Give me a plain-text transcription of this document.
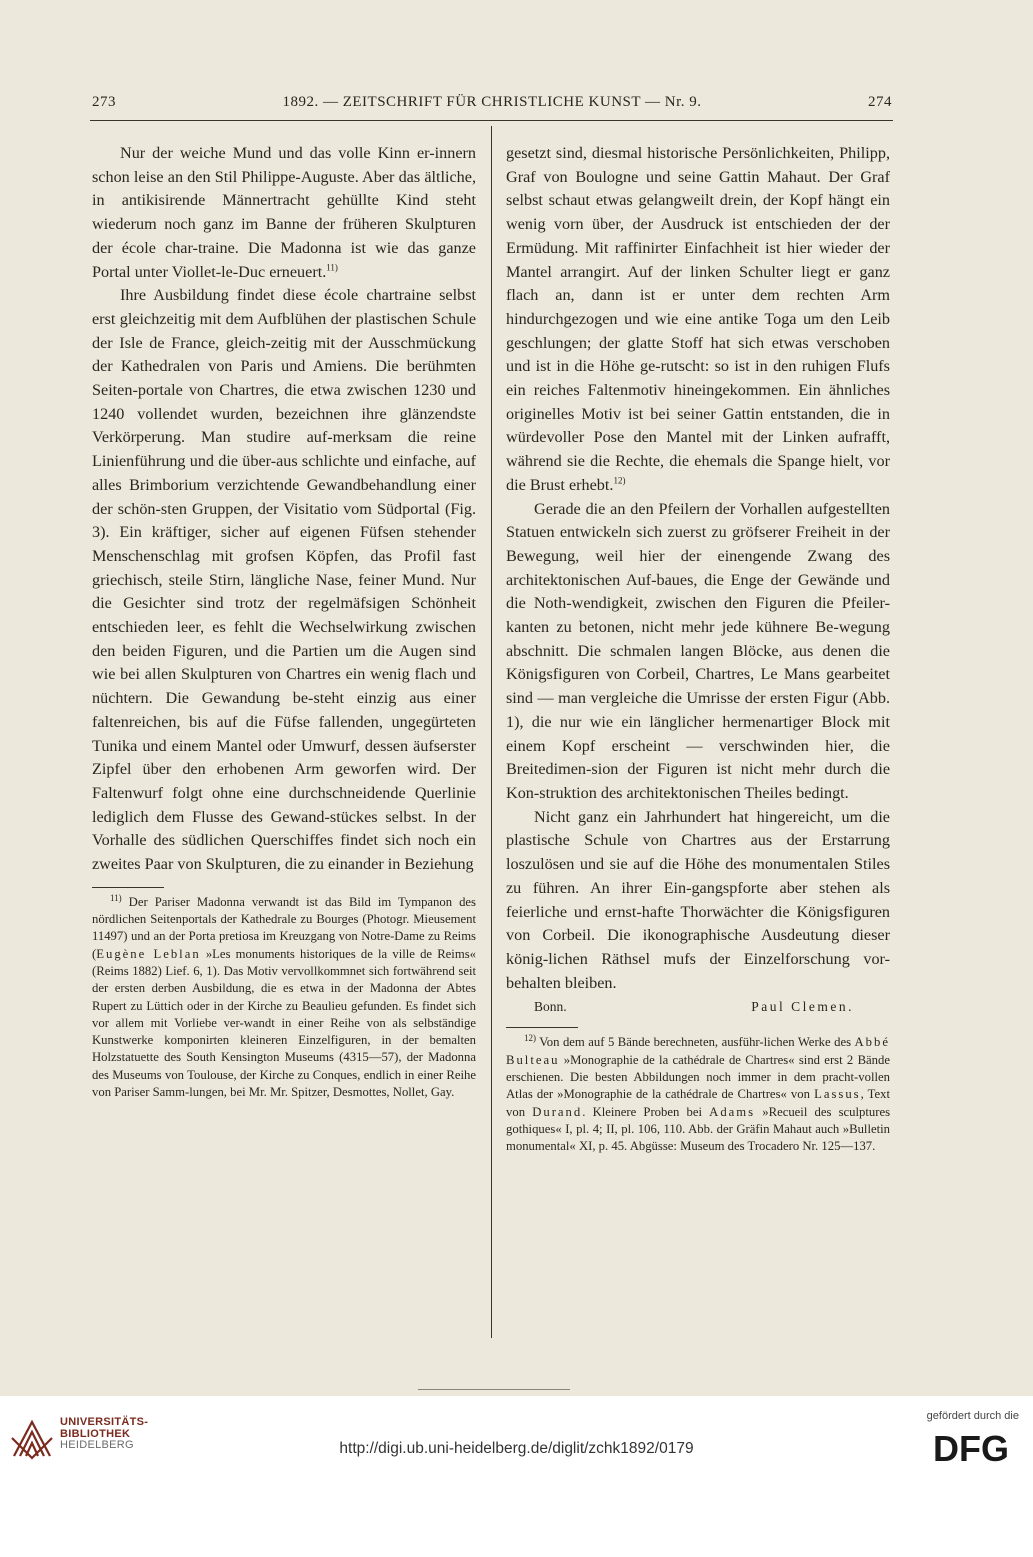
273	1892. — ZEITSCHRIFT FÜR CHRISTLICHE KUNST — Nr. 9.	274

Nur der weiche Mund und das volle Kinn er-innern schon leise an den Stil Philippe-Auguste. Aber das ältliche, in antikisirende Männertracht gehüllte Kind steht wiederum noch ganz im Banne der früheren Skulpturen der école char-traine. Die Madonna ist wie das ganze Portal unter Viollet-le-Duc erneuert.$^{11)}$

Ihre Ausbildung findet diese école chartraine selbst erst gleichzeitig mit dem Aufblühen der plastischen Schule der Isle de France, gleich-zeitig mit der Ausschmückung der Kathedralen von Paris und Amiens. Die berühmten Seiten-portale von Chartres, die etwa zwischen 1230 und 1240 vollendet wurden, bezeichnen ihre glänzendste Verkörperung. Man studire auf-merksam die reine Linienführung und die über-aus schlichte und einfache, auf alles Brimborium verzichtende Gewandbehandlung einer der schön-sten Gruppen, der Visitatio vom Südportal (Fig. 3). Ein kräftiger, sicher auf eigenen Füfsen stehender Menschenschlag mit grofsen Köpfen, das Profil fast griechisch, steile Stirn, längliche Nase, feiner Mund. Nur die Gesichter sind trotz der regelmäfsigen Schönheit entschieden leer, es fehlt die Wechselwirkung zwischen den beiden Figuren, und die Partien um die Augen sind wie bei allen Skulpturen von Chartres ein wenig flach und nüchtern. Die Gewandung be-steht einzig aus einer faltenreichen, bis auf die Füfse fallenden, ungegürteten Tunika und einem Mantel oder Umwurf, dessen äufserster Zipfel über den erhobenen Arm geworfen wird. Der Faltenwurf folgt ohne eine durchschneidende Querlinie lediglich dem Flusse des Gewand-stückes selbst. In der Vorhalle des südlichen Querschiffes findet sich noch ein zweites Paar von Skulpturen, die zu einander in Beziehung

$^{11)}$ Der Pariser Madonna verwandt ist das Bild im Tympanon des nördlichen Seitenportals der Kathedrale zu Bourges (Photogr. Mieusement 11497) und an der Porta pretiosa im Kreuzgang von Notre-Dame zu Reims (Eugène Leblan »Les monuments historiques de la ville de Reims« (Reims 1882) Lief. 6, 1). Das Motiv vervollkommnet sich fortwährend seit der ersten derben Ausbildung, die es etwa in der Madonna der Abtes Rupert zu Lüttich oder in der Kirche zu Beaulieu gefunden. Es findet sich vor allem mit Vorliebe ver-wandt in einer Reihe von als selbständige Kunstwerke komponirten kleineren Einzelfiguren, in der bemalten Holzstatuette des South Kensington Museums (4315—57), der Madonna des Museums von Toulouse, der Kirche zu Conques, endlich in einer Reihe von Pariser Samm-lungen, bei Mr. Mr. Spitzer, Desmottes, Nollet, Gay.

gesetzt sind, diesmal historische Persönlichkeiten, Philipp, Graf von Boulogne und seine Gattin Mahaut. Der Graf selbst schaut etwas gelangweilt drein, der Kopf hängt ein wenig vorn über, der Ausdruck ist entschieden der der Ermüdung. Mit raffinirter Einfachheit ist hier wieder der Mantel arrangirt. Auf der linken Schulter liegt er ganz flach an, dann ist er unter dem rechten Arm hindurchgezogen und wie eine antike Toga um den Leib geschlungen; der glatte Stoff hat sich etwas verschoben und ist in die Höhe ge-rutscht: so ist in den ruhigen Flufs ein reiches Faltenmotiv hineingekommen. Ein ähnliches originelles Motiv ist bei seiner Gattin entstanden, die in würdevoller Pose den Mantel mit der Linken aufrafft, während sie die Rechte, die ehemals die Spange hielt, vor die Brust erhebt.$^{12)}$

Gerade die an den Pfeilern der Vorhallen aufgestellten Statuen entwickeln sich zuerst zu gröfserer Freiheit in der Bewegung, weil hier der einengende Zwang des architektonischen Auf-baues, die Enge der Gewände und die Noth-wendigkeit, zwischen den Figuren die Pfeiler-kanten zu betonen, nicht mehr jede kühnere Be-wegung abschnitt. Die schmalen langen Blöcke, aus denen die Königsfiguren von Corbeil, Chartres, Le Mans gearbeitet sind — man vergleiche die Umrisse der ersten Figur (Abb. 1), die nur wie ein länglicher hermenartiger Block mit einem Kopf erscheint — verschwinden hier, die Breitedimen-sion der Figuren ist nicht mehr durch die Kon-struktion des architektonischen Theiles bedingt.

Nicht ganz ein Jahrhundert hat hingereicht, um die plastische Schule von Chartres aus der Erstarrung loszulösen und sie auf die Höhe des monumentalen Stiles zu führen. An ihrer Ein-gangspforte aber stehen als feierliche und ernst-hafte Thorwächter die Königsfiguren von Corbeil. Die ikonographische Ausdeutung dieser könig-lichen Räthsel mufs der Einzelforschung vor-behalten bleiben.

Bonn.	Paul Clemen.

$^{12)}$ Von dem auf 5 Bände berechneten, ausführ-lichen Werke des Abbé Bulteau »Monographie de la cathédrale de Chartres« sind erst 2 Bände erschienen. Die besten Abbildungen noch immer in dem pracht-vollen Atlas der »Monographie de la cathédrale de Chartres« von Lassus, Text von Durand. Kleinere Proben bei Adams »Recueil des sculptures gothiques« I, pl. 4; II, pl. 106, 110. Abb. der Gräfin Mahaut auch »Bulletin monumental« XI, p. 45. Abgüsse: Museum des Trocadero Nr. 125—137.

UNIVERSITÄTS-
BIBLIOTHEK
HEIDELBERG	http://digi.ub.uni-heidelberg.de/diglit/zchk1892/0179
gefördert durch die
DFG
